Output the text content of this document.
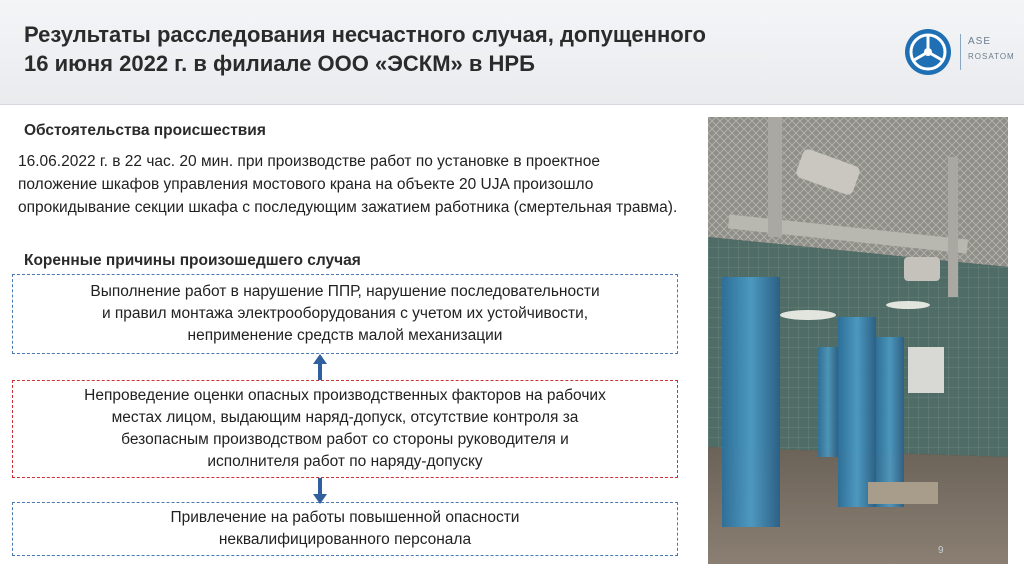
Результаты расследования несчастного случая, допущенного
16 июня 2022 г. в филиале ООО «ЭСКМ» в НРБ
ASE
ROSATOM
Обстоятельства происшествия
16.06.2022 г. в 22 час. 20 мин. при производстве работ по установке в проектное положение шкафов управления мостового крана на объекте 20 UJA произошло опрокидывание секции шкафа с последующим зажатием работника (смертельная травма).
Коренные причины произошедшего случая
Выполнение работ в нарушение ППР, нарушение последовательности
и правил монтажа электрооборудования с учетом их устойчивости,
неприменение средств малой механизации
Непроведение оценки опасных производственных факторов на рабочих
местах лицом, выдающим наряд-допуск, отсутствие контроля за
безопасным производством работ со стороны руководителя и
исполнителя работ по наряду-допуску
Привлечение на работы повышенной опасности
неквалифицированного персонала
9
